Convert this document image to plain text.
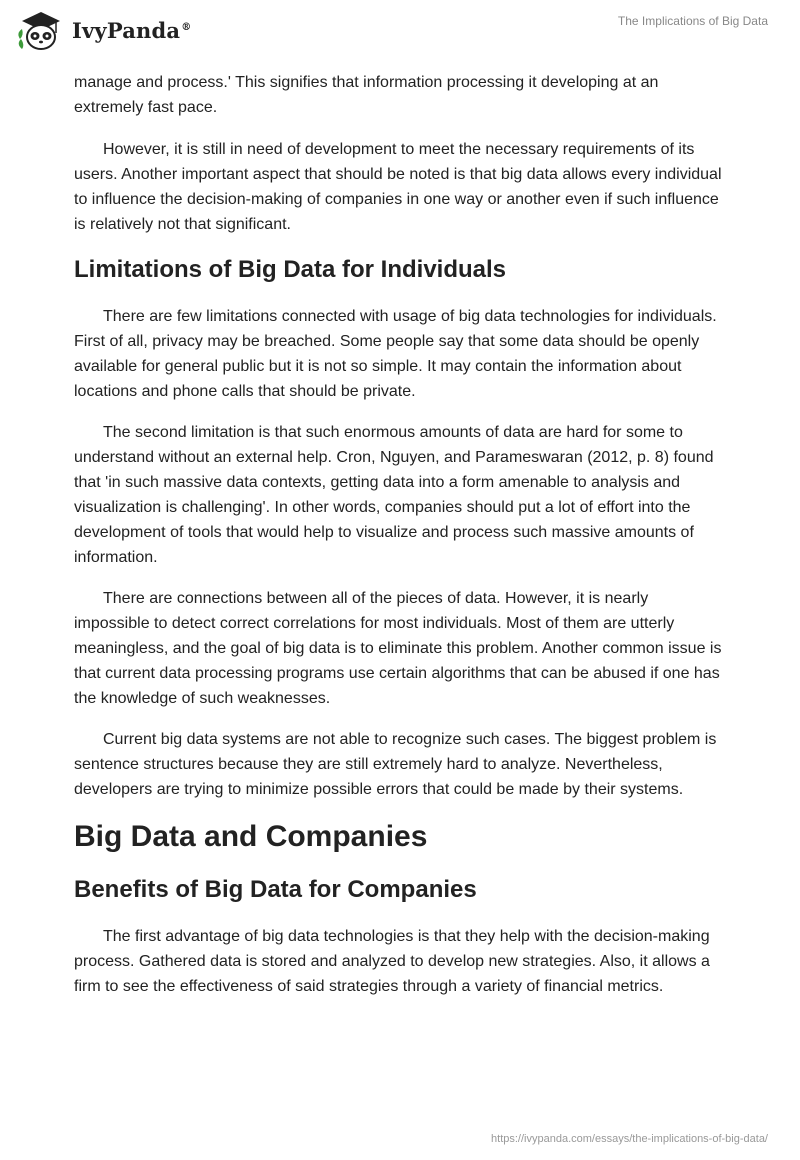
IvyPanda®	The Implications of Big Data

manage and process.' This signifies that information processing it developing at an extremely fast pace.

However, it is still in need of development to meet the necessary requirements of its users. Another important aspect that should be noted is that big data allows every individual to influence the decision-making of companies in one way or another even if such influence is relatively not that significant.

Limitations of Big Data for Individuals

There are few limitations connected with usage of big data technologies for individuals. First of all, privacy may be breached. Some people say that some data should be openly available for general public but it is not so simple. It may contain the information about locations and phone calls that should be private.

The second limitation is that such enormous amounts of data are hard for some to understand without an external help. Cron, Nguyen, and Parameswaran (2012, p. 8) found that 'in such massive data contexts, getting data into a form amenable to analysis and visualization is challenging'. In other words, companies should put a lot of effort into the development of tools that would help to visualize and process such massive amounts of information.

There are connections between all of the pieces of data. However, it is nearly impossible to detect correct correlations for most individuals. Most of them are utterly meaningless, and the goal of big data is to eliminate this problem. Another common issue is that current data processing programs use certain algorithms that can be abused if one has the knowledge of such weaknesses.

Current big data systems are not able to recognize such cases. The biggest problem is sentence structures because they are still extremely hard to analyze. Nevertheless, developers are trying to minimize possible errors that could be made by their systems.

Big Data and Companies
Benefits of Big Data for Companies

The first advantage of big data technologies is that they help with the decision-making process. Gathered data is stored and analyzed to develop new strategies. Also, it allows a firm to see the effectiveness of said strategies through a variety of financial metrics.

https://ivypanda.com/essays/the-implications-of-big-data/
